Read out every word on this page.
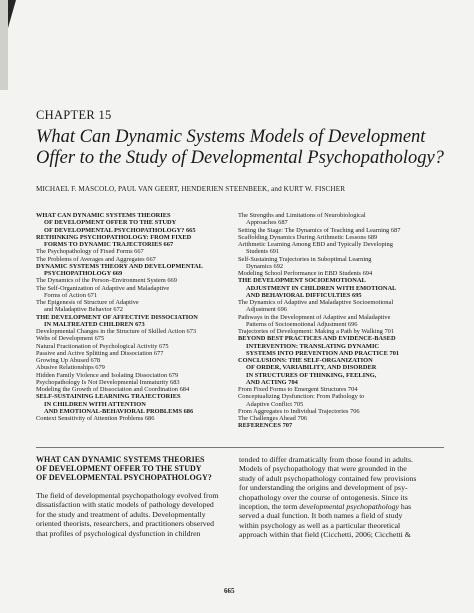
CHAPTER 15
What Can Dynamic Systems Models of Development
Offer to the Study of Developmental Psychopathology?
MICHAEL F. MASCOLO, PAUL VAN GEERT, HENDERIEN STEENBEEK, and KURT W. FISCHER
WHAT CAN DYNAMIC SYSTEMS THEORIES
OF DEVELOPMENT OFFER TO THE STUDY
OF DEVELOPMENTAL PSYCHOPATHOLOGY? 665
RETHINKING PSYCHOPATHOLOGY: FROM FIXED
FORMS TO DYNAMIC TRAJECTORIES 667
The Psychopathology of Fixed Forms 667
The Problems of Averages and Aggregates 667
DYNAMIC SYSTEMS THEORY AND DEVELOPMENTAL
PSYCHOPATHOLOGY 669
The Dynamics of the Person–Environment System 669
The Self-Organization of Adaptive and Maladaptive
Forms of Action 671
The Epigenesis of Structure of Adaptive
and Maladaptive Behavior 672
THE DEVELOPMENT OF AFFECTIVE DISSOCIATION
IN MALTREATED CHILDREN 673
Developmental Changes in the Structure of Skilled Action 673
Webs of Development 675
Natural Fractionation of Psychological Activity 675
Passive and Active Splitting and Dissociation 677
Growing Up Abused 678
Abusive Relationships 679
Hidden Family Violence and Isolating Dissociation 679
Psychopathology Is Not Developmental Immaturity 683
Modeling the Growth of Dissociation and Coordination 684
SELF-SUSTAINING LEARNING TRAJECTORIES
IN CHILDREN WITH ATTENTION
AND EMOTIONAL-BEHAVIORAL PROBLEMS 686
Context Sensitivity of Attention Problems 686
The Strengths and Limitations of Neurobiological
Approaches 687
Setting the Stage: The Dynamics of Teaching and Learning 687
Scaffolding Dynamics During Arithmetic Lessons 689
Arithmetic Learning Among EBD and Typically Developing
Students 691
Self-Sustaining Trajectories in Suboptimal Learning
Dynamics 692
Modeling School Performance in EBD Students 694
THE DEVELOPMENT SOCIOEMOTIONAL
ADJUSTMENT IN CHILDREN WITH EMOTIONAL
AND BEHAVIORAL DIFFICULTIES 695
The Dynamics of Adaptive and Maladaptive Socioemotional
Adjustment 696
Pathways in the Development of Adaptive and Maladaptive
Patterns of Socioemotional Adjustment 696
Trajectories of Development: Making a Path by Walking 701
BEYOND BEST PRACTICES AND EVIDENCE-BASED
INTERVENTION: TRANSLATING DYNAMIC
SYSTEMS INTO PREVENTION AND PRACTICE 701
CONCLUSIONS: THE SELF-ORGANIZATION
OF ORDER, VARIABILITY, AND DISORDER
IN STRUCTURES OF THINKING, FEELING,
AND ACTING 704
From Fixed Forms to Emergent Structures 704
Conceptualizing Dysfunction: From Pathology to
Adaptive Conflict 705
From Aggregates to Individual Trajectories 706
The Challenges Ahead 706
REFERENCES 707
WHAT CAN DYNAMIC SYSTEMS THEORIES
OF DEVELOPMENT OFFER TO THE STUDY
OF DEVELOPMENTAL PSYCHOPATHOLOGY?
The field of developmental psychopathology evolved from
dissatisfaction with static models of pathology developed
for the study and treatment of adults. Developmentally
oriented theorists, researchers, and practitioners observed
that profiles of psychological dysfunction in children
tended to differ dramatically from those found in adults.
Models of psychopathology that were grounded in the
study of adult psychopathology contained few provisions
for understanding the origins and development of psy-
chopathology over the course of ontogenesis. Since its
inception, the term developmental psychopathology has
served a dual function. It both names a field of study
within psychology as well as a particular theoretical
approach within that field (Cicchetti, 2006; Cicchetti &
665
